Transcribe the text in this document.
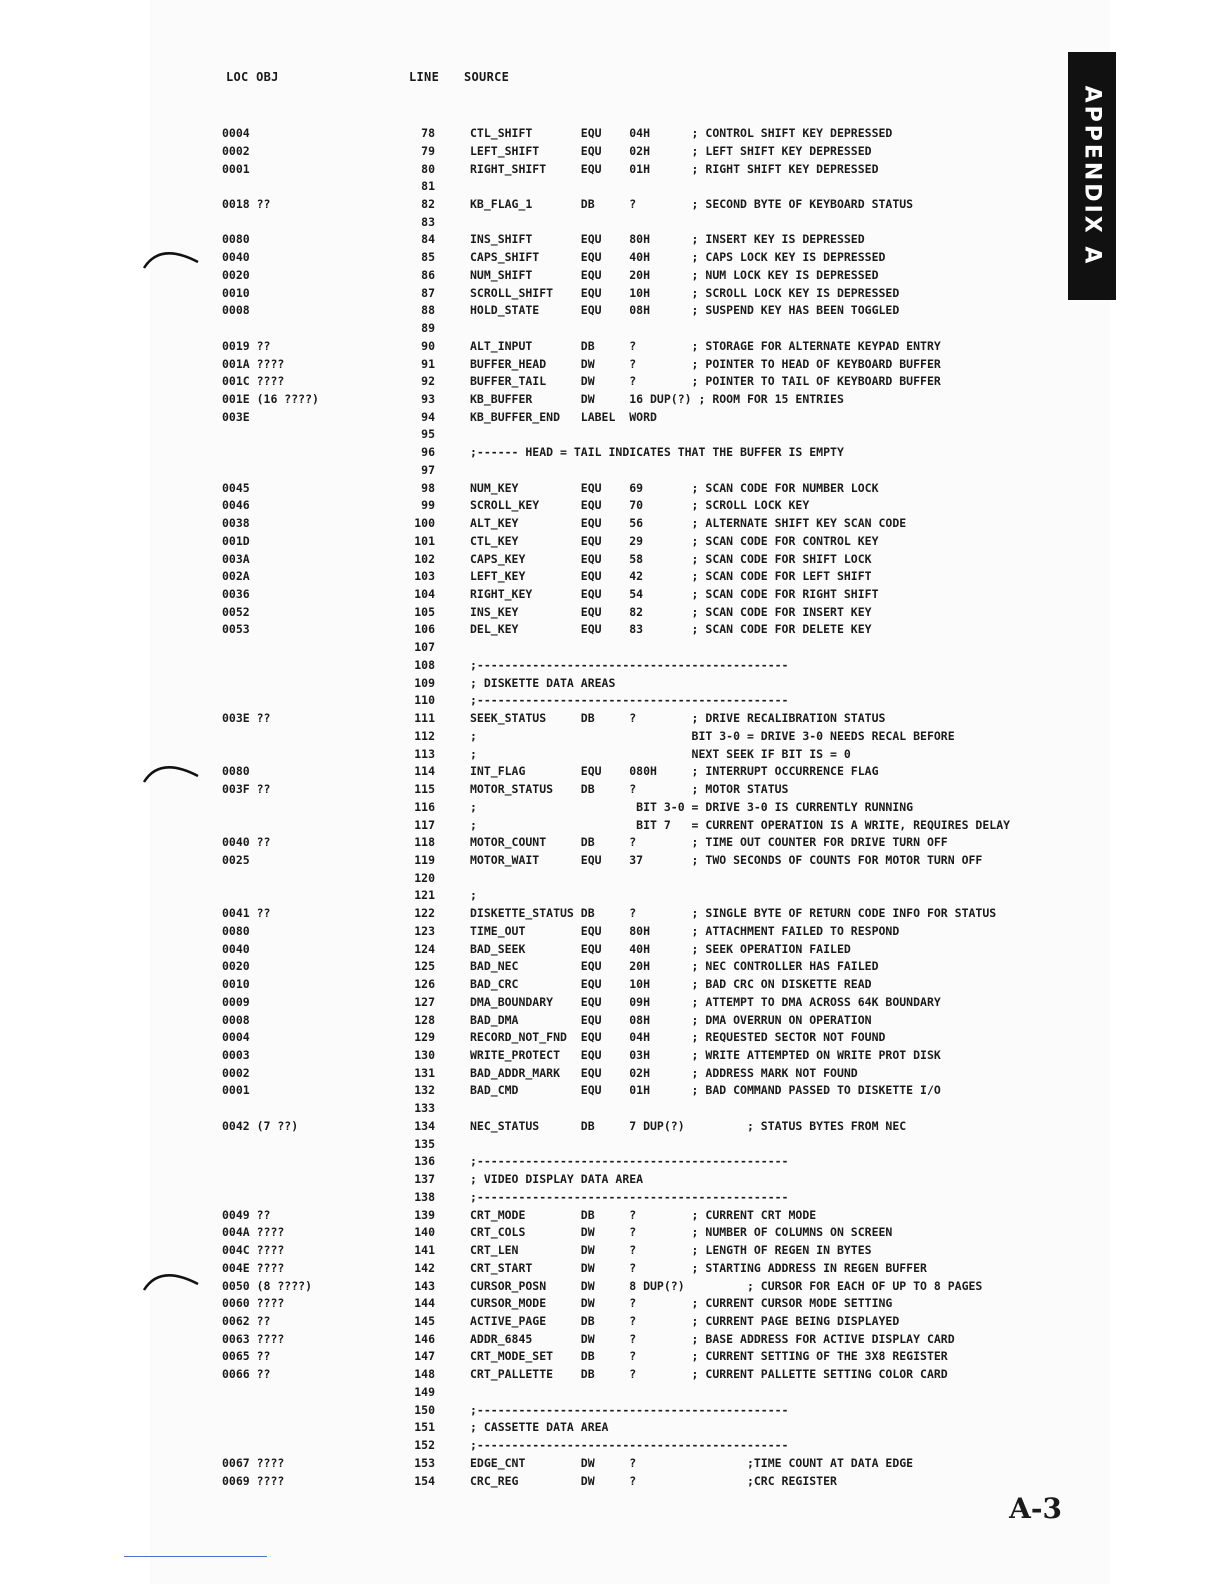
LOC OBJ	LINE SOURCE
0004	78	CTL_SHIFT       EQU    04H      ; CONTROL SHIFT KEY DEPRESSED
0002	79	LEFT_SHIFT      EQU    02H      ; LEFT SHIFT KEY DEPRESSED
0001	80	RIGHT_SHIFT     EQU    01H      ; RIGHT SHIFT KEY DEPRESSED
81
0018 ??	82	KB_FLAG_1       DB     ?        ; SECOND BYTE OF KEYBOARD STATUS
83
0080	84	INS_SHIFT       EQU    80H      ; INSERT KEY IS DEPRESSED
0040	85	CAPS_SHIFT      EQU    40H      ; CAPS LOCK KEY IS DEPRESSED
0020	86	NUM_SHIFT       EQU    20H      ; NUM LOCK KEY IS DEPRESSED
0010	87	SCROLL_SHIFT    EQU    10H      ; SCROLL LOCK KEY IS DEPRESSED
0008	88	HOLD_STATE      EQU    08H      ; SUSPEND KEY HAS BEEN TOGGLED
89
0019 ??	90	ALT_INPUT       DB     ?        ; STORAGE FOR ALTERNATE KEYPAD ENTRY
001A ????	91	BUFFER_HEAD     DW     ?        ; POINTER TO HEAD OF KEYBOARD BUFFER
001C ????	92	BUFFER_TAIL     DW     ?        ; POINTER TO TAIL OF KEYBOARD BUFFER
001E (16 ????)	93	KB_BUFFER       DW     16 DUP(?) ; ROOM FOR 15 ENTRIES
003E	94	KB_BUFFER_END   LABEL  WORD
95
96	;------ HEAD = TAIL INDICATES THAT THE BUFFER IS EMPTY
97
0045	98	NUM_KEY         EQU    69       ; SCAN CODE FOR NUMBER LOCK
0046	99	SCROLL_KEY      EQU    70       ; SCROLL LOCK KEY
0038	100	ALT_KEY         EQU    56       ; ALTERNATE SHIFT KEY SCAN CODE
001D	101	CTL_KEY         EQU    29       ; SCAN CODE FOR CONTROL KEY
003A	102	CAPS_KEY        EQU    58       ; SCAN CODE FOR SHIFT LOCK
002A	103	LEFT_KEY        EQU    42       ; SCAN CODE FOR LEFT SHIFT
0036	104	RIGHT_KEY       EQU    54       ; SCAN CODE FOR RIGHT SHIFT
0052	105	INS_KEY         EQU    82       ; SCAN CODE FOR INSERT KEY
0053	106	DEL_KEY         EQU    83       ; SCAN CODE FOR DELETE KEY
107
108	;---------------------------------------------
109	; DISKETTE DATA AREAS
110	;---------------------------------------------
003E ??	111	SEEK_STATUS     DB     ?        ; DRIVE RECALIBRATION STATUS
112	;                               BIT 3-0 = DRIVE 3-0 NEEDS RECAL BEFORE
113	;                               NEXT SEEK IF BIT IS = 0
0080	114	INT_FLAG        EQU    080H     ; INTERRUPT OCCURRENCE FLAG
003F ??	115	MOTOR_STATUS    DB     ?        ; MOTOR STATUS
116	;                       BIT 3-0 = DRIVE 3-0 IS CURRENTLY RUNNING
117	;                       BIT 7   = CURRENT OPERATION IS A WRITE, REQUIRES DELAY
0040 ??	118	MOTOR_COUNT     DB     ?        ; TIME OUT COUNTER FOR DRIVE TURN OFF
0025	119	MOTOR_WAIT      EQU    37       ; TWO SECONDS OF COUNTS FOR MOTOR TURN OFF
120
121	;
0041 ??	122	DISKETTE_STATUS DB     ?        ; SINGLE BYTE OF RETURN CODE INFO FOR STATUS
0080	123	TIME_OUT        EQU    80H      ; ATTACHMENT FAILED TO RESPOND
0040	124	BAD_SEEK        EQU    40H      ; SEEK OPERATION FAILED
0020	125	BAD_NEC         EQU    20H      ; NEC CONTROLLER HAS FAILED
0010	126	BAD_CRC         EQU    10H      ; BAD CRC ON DISKETTE READ
0009	127	DMA_BOUNDARY    EQU    09H      ; ATTEMPT TO DMA ACROSS 64K BOUNDARY
0008	128	BAD_DMA         EQU    08H      ; DMA OVERRUN ON OPERATION
0004	129	RECORD_NOT_FND  EQU    04H      ; REQUESTED SECTOR NOT FOUND
0003	130	WRITE_PROTECT   EQU    03H      ; WRITE ATTEMPTED ON WRITE PROT DISK
0002	131	BAD_ADDR_MARK   EQU    02H      ; ADDRESS MARK NOT FOUND
0001	132	BAD_CMD         EQU    01H      ; BAD COMMAND PASSED TO DISKETTE I/O
133
0042 (7 ??)	134	NEC_STATUS      DB     7 DUP(?)         ; STATUS BYTES FROM NEC
135
136	;---------------------------------------------
137	; VIDEO DISPLAY DATA AREA
138	;---------------------------------------------
0049 ??	139	CRT_MODE        DB     ?        ; CURRENT CRT MODE
004A ????	140	CRT_COLS        DW     ?        ; NUMBER OF COLUMNS ON SCREEN
004C ????	141	CRT_LEN         DW     ?        ; LENGTH OF REGEN IN BYTES
004E ????	142	CRT_START       DW     ?        ; STARTING ADDRESS IN REGEN BUFFER
0050 (8 ????)	143	CURSOR_POSN     DW     8 DUP(?)         ; CURSOR FOR EACH OF UP TO 8 PAGES
0060 ????	144	CURSOR_MODE     DW     ?        ; CURRENT CURSOR MODE SETTING
0062 ??	145	ACTIVE_PAGE     DB     ?        ; CURRENT PAGE BEING DISPLAYED
0063 ????	146	ADDR_6845       DW     ?        ; BASE ADDRESS FOR ACTIVE DISPLAY CARD
0065 ??	147	CRT_MODE_SET    DB     ?        ; CURRENT SETTING OF THE 3X8 REGISTER
0066 ??	148	CRT_PALLETTE    DB     ?        ; CURRENT PALLETTE SETTING COLOR CARD
149
150	;---------------------------------------------
151	; CASSETTE DATA AREA
152	;---------------------------------------------
0067 ????	153	EDGE_CNT        DW     ?                ;TIME COUNT AT DATA EDGE
0069 ????	154	CRC_REG         DW     ?                ;CRC REGISTER
APPENDIX A
A-3
